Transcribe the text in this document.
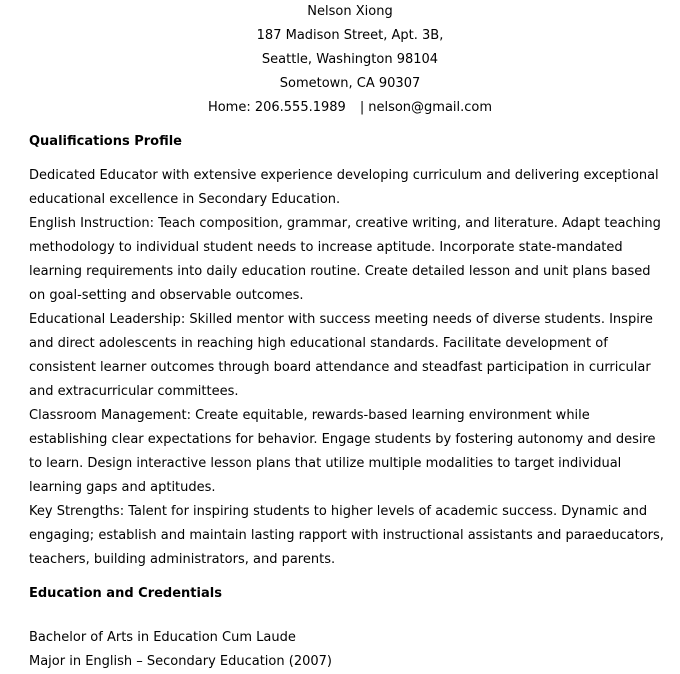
Nelson Xiong
187 Madison Street, Apt. 3B,
Seattle, Washington 98104
Sometown, CA 90307
Home: 206.555.1989 | nelson@gmail.com
Qualifications Profile

Dedicated Educator with extensive experience developing curriculum and delivering exceptional educational excellence in Secondary Education.

English Instruction: Teach composition, grammar, creative writing, and literature. Adapt teaching methodology to individual student needs to increase aptitude. Incorporate state-mandated learning requirements into daily education routine. Create detailed lesson and unit plans based on goal-setting and observable outcomes.

Educational Leadership: Skilled mentor with success meeting needs of diverse students. Inspire and direct adolescents in reaching high educational standards. Facilitate development of consistent learner outcomes through board attendance and steadfast participation in curricular and extracurricular committees.

Classroom Management: Create equitable, rewards-based learning environment while establishing clear expectations for behavior. Engage students by fostering autonomy and desire to learn. Design interactive lesson plans that utilize multiple modalities to target individual learning gaps and aptitudes.

Key Strengths: Talent for inspiring students to higher levels of academic success. Dynamic and engaging; establish and maintain lasting rapport with instructional assistants and paraeducators, teachers, building administrators, and parents.

Education and Credentials
Bachelor of Arts in Education Cum Laude
Major in English – Secondary Education (2007)
